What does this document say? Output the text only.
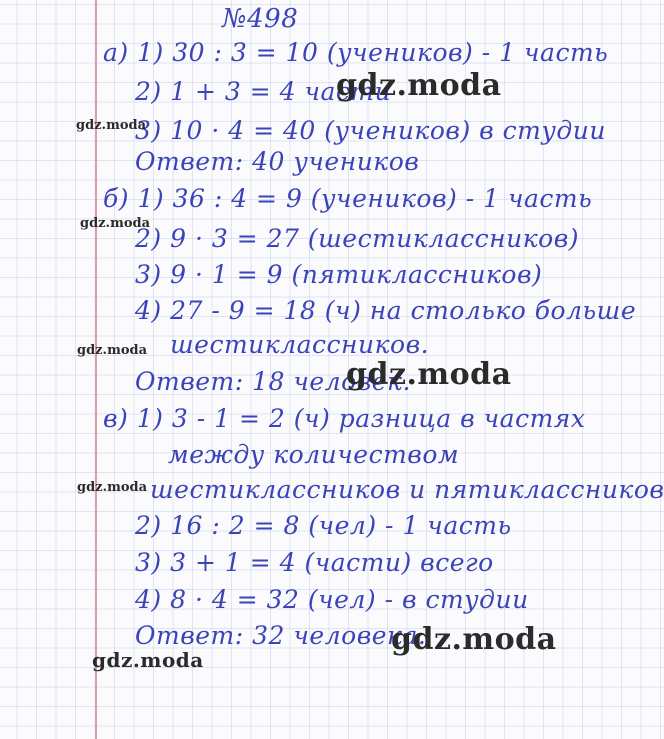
№498
а) 1) 30 : 3 = 10 (учеников) - 1 часть
2) 1 + 3 = 4 части
3) 10 · 4 = 40 (учеников) в студии
Ответ: 40 учеников
б) 1) 36 : 4 = 9 (учеников) - 1 часть
2) 9 · 3 = 27 (шестиклассников)
3) 9 · 1 = 9 (пятиклассников)
4) 27 - 9 = 18 (ч) на столько больше
шестиклассников.
Ответ: 18 человек.
в) 1) 3 - 1 = 2 (ч) разница в частях
между количеством
шестиклассников и пятиклассников
2) 16 : 2 = 8 (чел) - 1 часть
3) 3 + 1 = 4 (части) всего
4) 8 · 4 = 32 (чел) - в студии
Ответ: 32 человека.
gdz.moda
gdz.moda
gdz.moda
gdz.moda
gdz.moda
gdz.moda
gdz.moda
gdz.moda
